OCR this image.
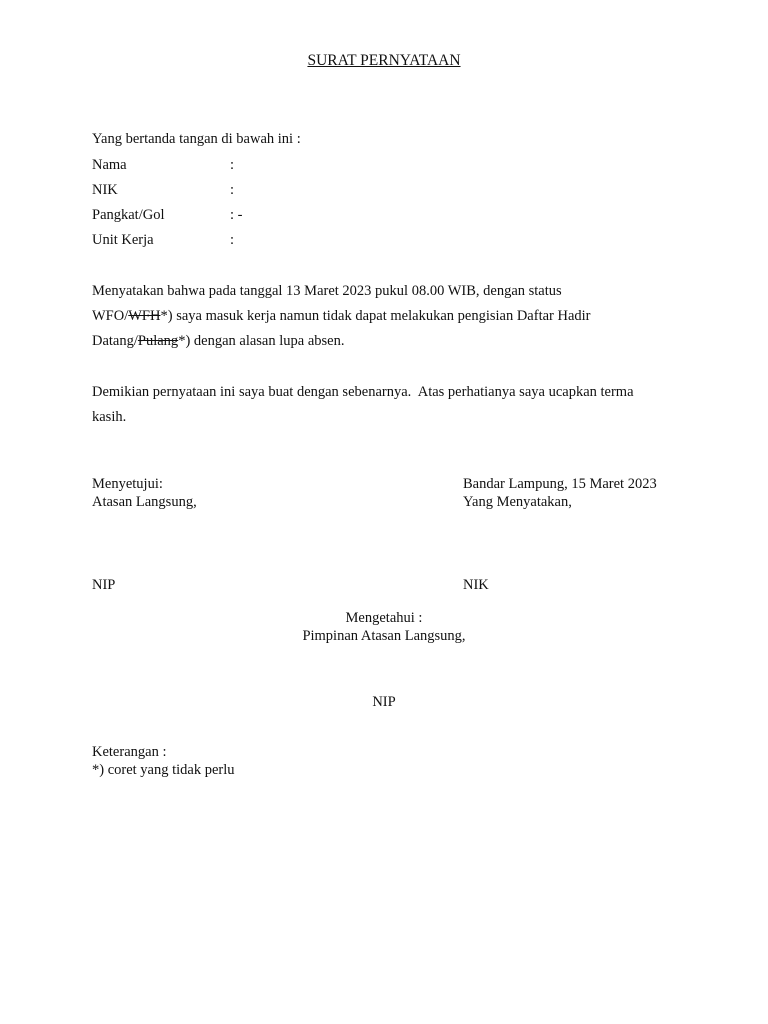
SURAT PERNYATAAN
Yang bertanda tangan di bawah ini :
Nama	:
NIK	:
Pangkat/Gol	: -
Unit Kerja	:
Menyatakan bahwa pada tanggal 13 Maret 2023 pukul 08.00 WIB, dengan status
WFO/WFH*) saya masuk kerja namun tidak dapat melakukan pengisian Daftar Hadir
Datang/Pulang*) dengan alasan lupa absen.
Demikian pernyataan ini saya buat dengan sebenarnya.  Atas perhatianya saya ucapkan terma
kasih.
Menyetujui:
Atasan Langsung,
NIP
Bandar Lampung, 15 Maret 2023
Yang Menyatakan,
NIK
Mengetahui :
Pimpinan Atasan Langsung,
NIP
Keterangan :
*) coret yang tidak perlu
